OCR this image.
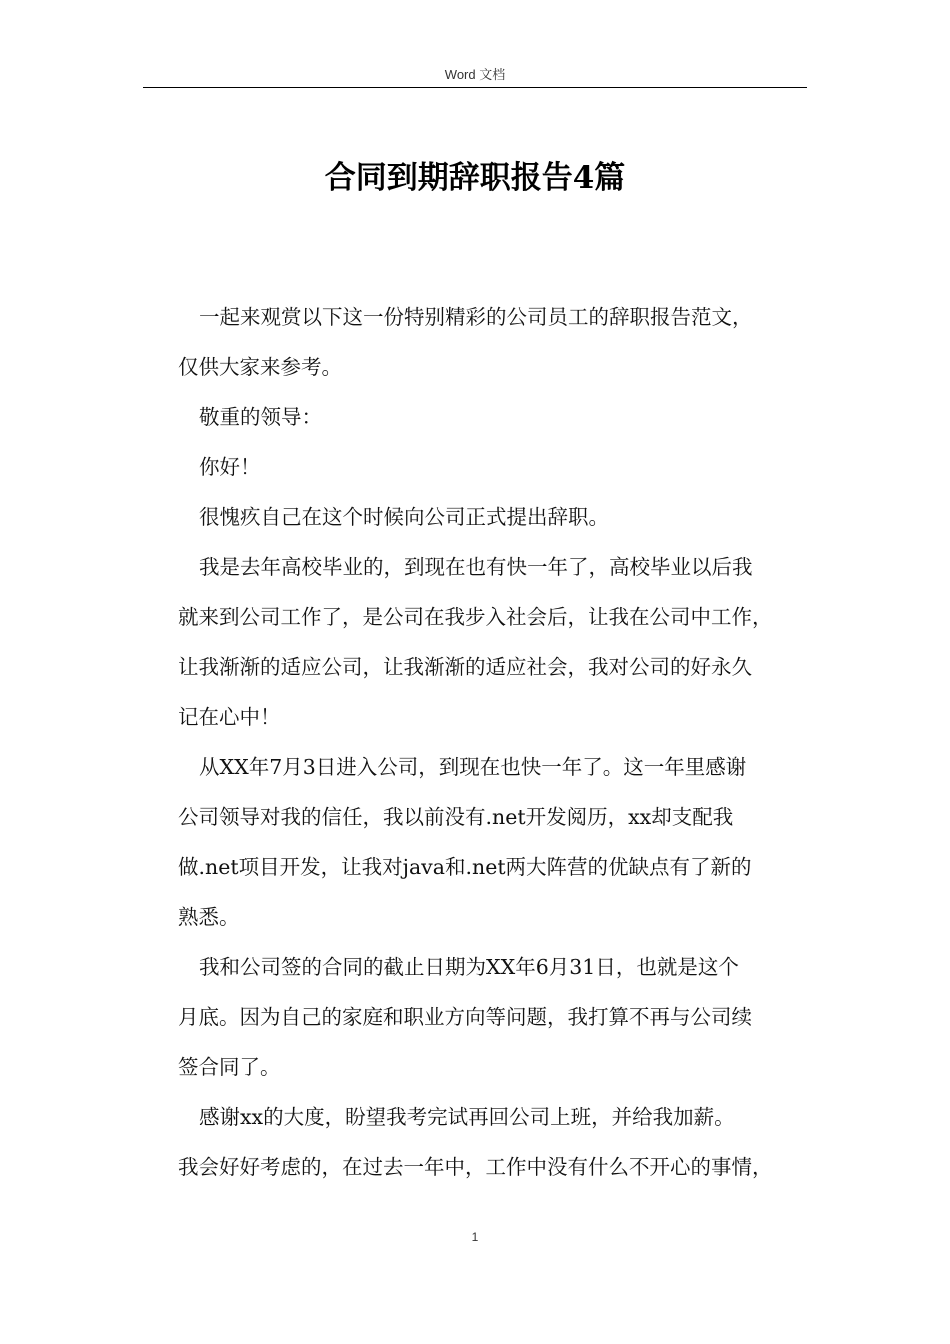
Word 文档
合同到期辞职报告4篇

一起来观赏以下这一份特别精彩的公司员工的辞职报告范文，
仅供大家来参考。

敬重的领导：

你好！

很愧疚自己在这个时候向公司正式提出辞职。

我是去年高校毕业的，到现在也有快一年了，高校毕业以后我
就来到公司工作了，是公司在我步入社会后，让我在公司中工作，
让我渐渐的适应公司，让我渐渐的适应社会，我对公司的好永久
记在心中！

从XX年7月3日进入公司，到现在也快一年了。这一年里感谢
公司领导对我的信任，我以前没有.net开发阅历，xx却支配我
做.net项目开发，让我对java和.net两大阵营的优缺点有了新的
熟悉。

我和公司签的合同的截止日期为XX年6月31日，也就是这个
月底。因为自己的家庭和职业方向等问题，我打算不再与公司续
签合同了。

感谢xx的大度，盼望我考完试再回公司上班，并给我加薪。
我会好好考虑的，在过去一年中，工作中没有什么不开心的事情，

1
